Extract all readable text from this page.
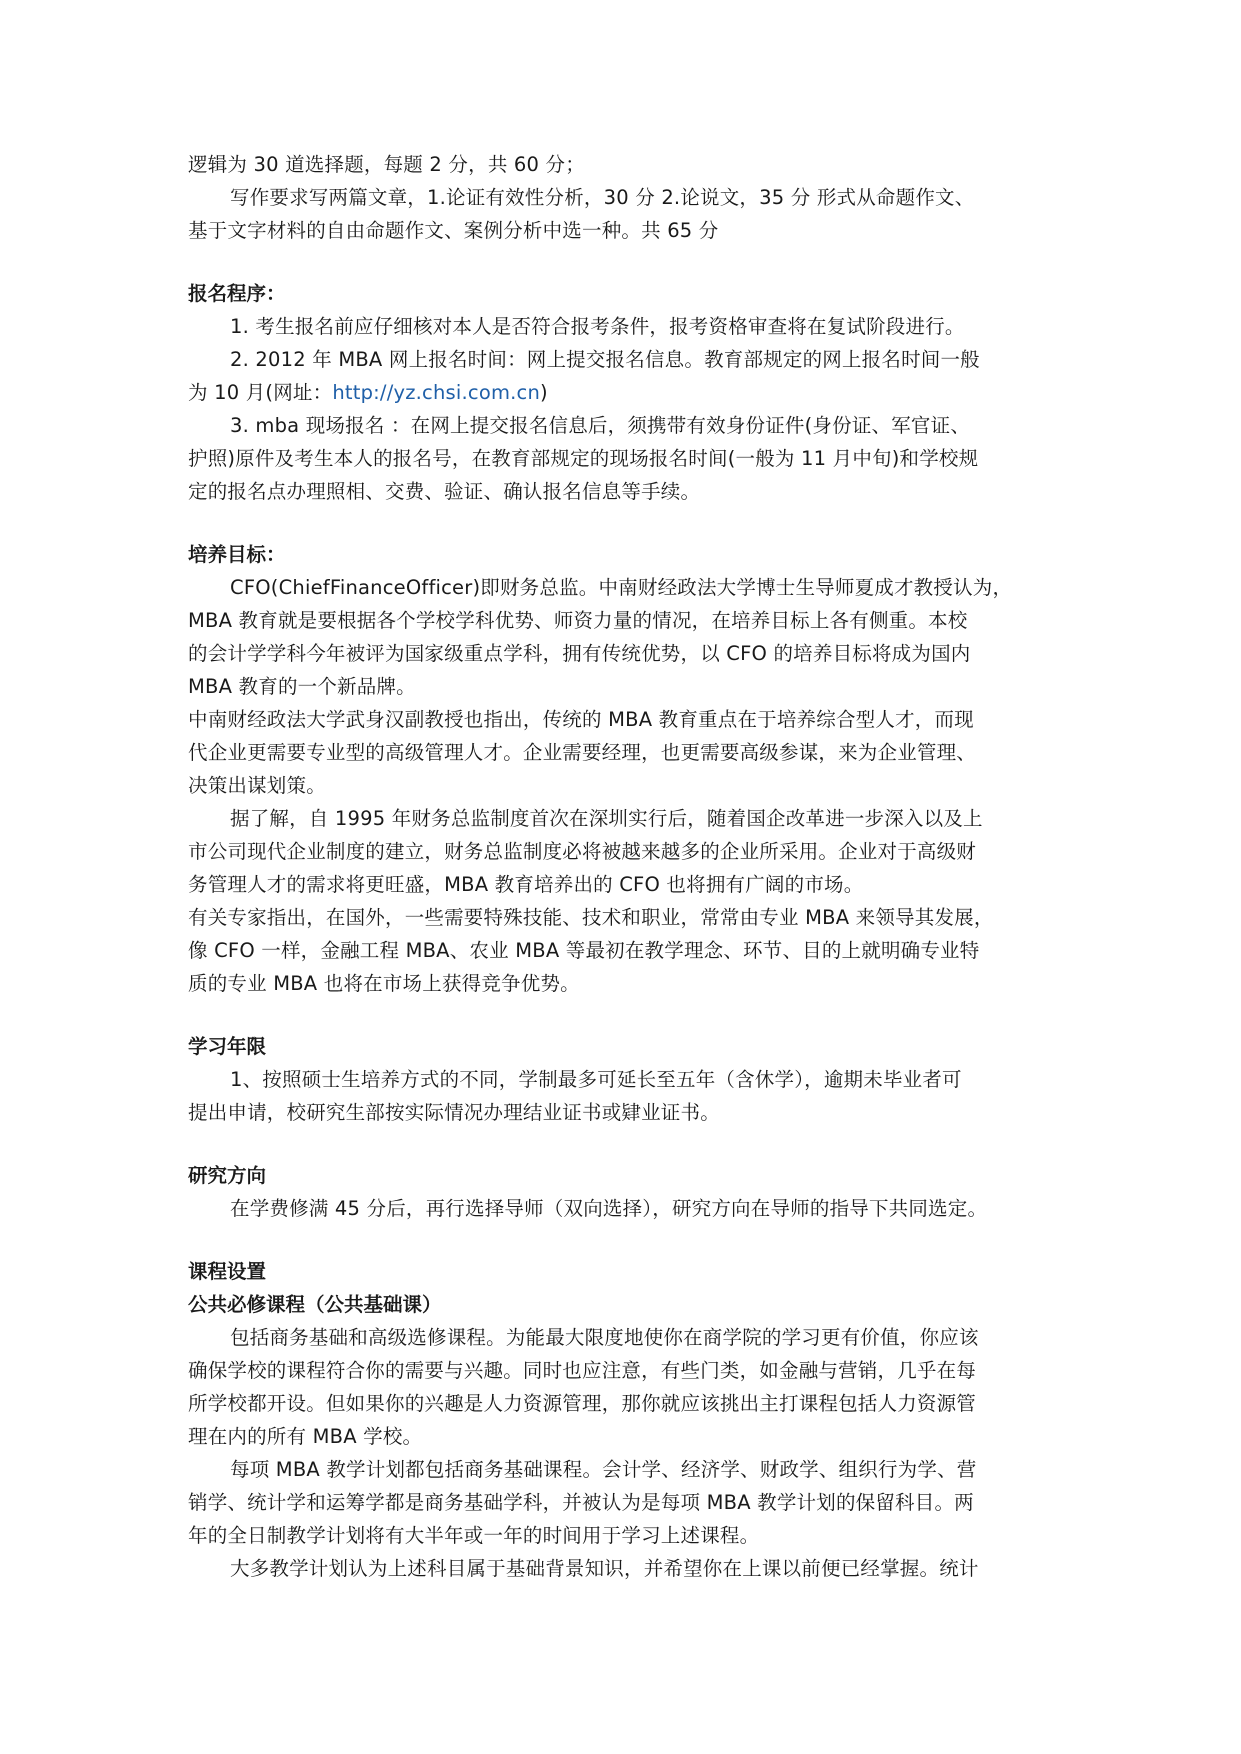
逻辑为 30 道选择题，每题 2 分，共 60 分；
写作要求写两篇文章，1.论证有效性分析，30 分 2.论说文，35 分 形式从命题作文、
基于文字材料的自由命题作文、案例分析中选一种。共 65 分
报名程序：
1. 考生报名前应仔细核对本人是否符合报考条件，报考资格审查将在复试阶段进行。
2. 2012 年 MBA 网上报名时间：网上提交报名信息。教育部规定的网上报名时间一般
为 10 月(网址：http://yz.chsi.com.cn)
3. mba 现场报名 ：在网上提交报名信息后，须携带有效身份证件(身份证、军官证、
护照)原件及考生本人的报名号，在教育部规定的现场报名时间(一般为 11 月中旬)和学校规
定的报名点办理照相、交费、验证、确认报名信息等手续。
培养目标：
CFO(ChiefFinanceOfficer)即财务总监。中南财经政法大学博士生导师夏成才教授认为，
MBA 教育就是要根据各个学校学科优势、师资力量的情况，在培养目标上各有侧重。本校
的会计学学科今年被评为国家级重点学科，拥有传统优势，以 CFO 的培养目标将成为国内
MBA 教育的一个新品牌。
中南财经政法大学武身汉副教授也指出，传统的 MBA 教育重点在于培养综合型人才，而现
代企业更需要专业型的高级管理人才。企业需要经理，也更需要高级参谋，来为企业管理、
决策出谋划策。
据了解，自 1995 年财务总监制度首次在深圳实行后，随着国企改革进一步深入以及上
市公司现代企业制度的建立，财务总监制度必将被越来越多的企业所采用。企业对于高级财
务管理人才的需求将更旺盛，MBA 教育培养出的 CFO 也将拥有广阔的市场。
有关专家指出，在国外，一些需要特殊技能、技术和职业，常常由专业 MBA 来领导其发展，
像 CFO 一样，金融工程 MBA、农业 MBA 等最初在教学理念、环节、目的上就明确专业特
质的专业 MBA 也将在市场上获得竞争优势。
学习年限
1、按照硕士生培养方式的不同，学制最多可延长至五年（含休学），逾期未毕业者可
提出申请，校研究生部按实际情况办理结业证书或肄业证书。
研究方向
在学费修满 45 分后，再行选择导师（双向选择），研究方向在导师的指导下共同选定。
课程设置
公共必修课程（公共基础课）
包括商务基础和高级选修课程。为能最大限度地使你在商学院的学习更有价值，你应该
确保学校的课程符合你的需要与兴趣。同时也应注意，有些门类，如金融与营销，几乎在每
所学校都开设。但如果你的兴趣是人力资源管理，那你就应该挑出主打课程包括人力资源管
理在内的所有 MBA 学校。
每项 MBA 教学计划都包括商务基础课程。会计学、经济学、财政学、组织行为学、营
销学、统计学和运筹学都是商务基础学科，并被认为是每项 MBA 教学计划的保留科目。两
年的全日制教学计划将有大半年或一年的时间用于学习上述课程。
大多教学计划认为上述科目属于基础背景知识，并希望你在上课以前便已经掌握。统计
